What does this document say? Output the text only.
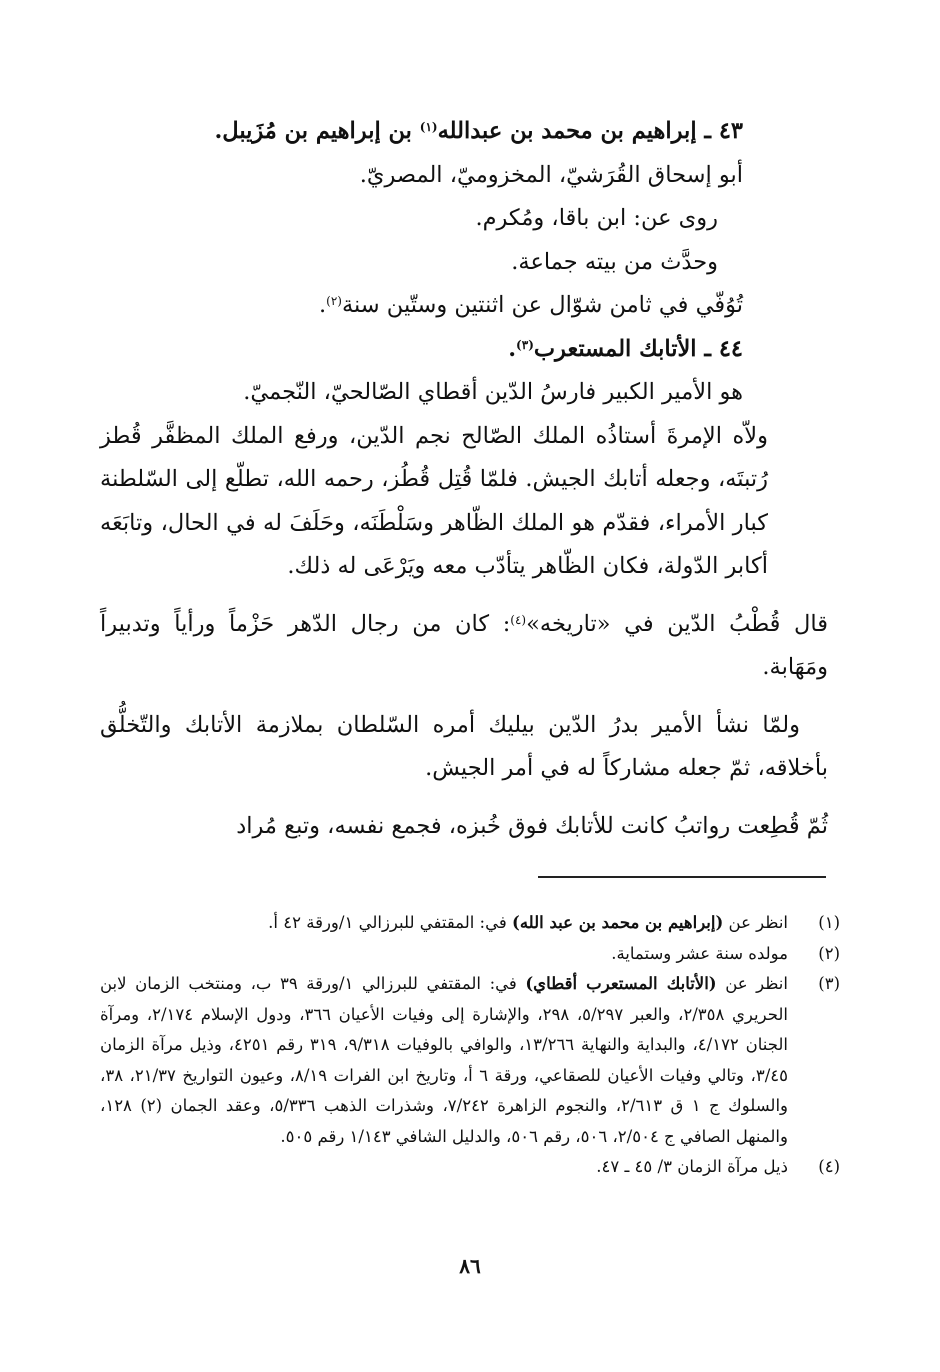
٤٣ ـ إبراهيم بن محمد بن عبدالله$^{(١)}$ بن إبراهيم بن مُزَيبل.

أبو إسحاق القُرَشيّ، المخزوميّ، المصريّ.

روى عن: ابن باقا، ومُكرم.

وحدَّث من بيته جماعة.

تُوُفّي في ثامن شوّال عن اثنتين وستّين سنة$^{(٢)}$.

٤٤ ـ الأتابك المستعرب$^{(٣)}$.

هو الأمير الكبير فارسُ الدّين أقطاي الصّالحيّ، النّجميّ.

ولاّه الإمرةَ أستاذُه الملك الصّالح نجم الدّين، ورفع الملك المظفَّر قُطز رُتبتَه، وجعله أتابك الجيش. فلمّا قُتِل قُطُز، رحمه الله، تطلّع إلى السّلطنة كبار الأمراء، فقدّم هو الملك الظّاهر وسَلْطَنَه، وحَلَفَ له في الحال، وتابَعَه أكابر الدّولة، فكان الظّاهر يتأدّب معه ويَرْعَى له ذلك.

قال قُطْبُ الدّين في «تاريخه»$^{(٤)}$: كان من رجال الدّهر حَزْماً ورأياً وتدبيراً ومَهَابة.

ولمّا نشأ الأمير بدرُ الدّين بيليك أمره السّلطان بملازمة الأتابك والتّخلُّق بأخلاقه، ثمّ جعله مشاركاً له في أمر الجيش.

ثُمّ قُطِعت رواتبُ كانت للأتابك فوق خُبزه، فجمع نفسه، وتبع مُراد

(١)
انظر عن (إبراهيم بن محمد بن عبد الله) في: المقتفي للبرزالي ١/ورقة ٤٢ أ.
(٢)
مولده سنة عشر وستماية.
(٣)
انظر عن (الأتابك المستعرب أقطاي) في: المقتفي للبرزالي ١/ورقة ٣٩ ب، ومنتخب الزمان لابن الحريري ٢/٣٥٨، والعبر ٥/٢٩٧، ٢٩٨، والإشارة إلى وفيات الأعيان ٣٦٦، ودول الإسلام ٢/١٧٤، ومرآة الجنان ٤/١٧٢، والبداية والنهاية ١٣/٢٦٦، والوافي بالوفيات ٩/٣١٨، ٣١٩ رقم ٤٢٥١، وذيل مرآة الزمان ٣/٤٥، وتالي وفيات الأعيان للصقاعي، ورقة ٦ أ، وتاريخ ابن الفرات ٨/١٩، وعيون التواريخ ٢١/٣٧، ٣٨، والسلوك ج ١ ق ٢/٦١٣، والنجوم الزاهرة ٧/٢٤٢، وشذرات الذهب ٥/٣٣٦، وعقد الجمان (٢) ١٢٨، والمنهل الصافي ج ٢/٥٠٤، ٥٠٦، رقم ٥٠٦، والدليل الشافي ١/١٤٣ رقم ٥٠٥.
(٤)
ذيل مرآة الزمان ٣/ ٤٥ ـ ٤٧.
٨٦
